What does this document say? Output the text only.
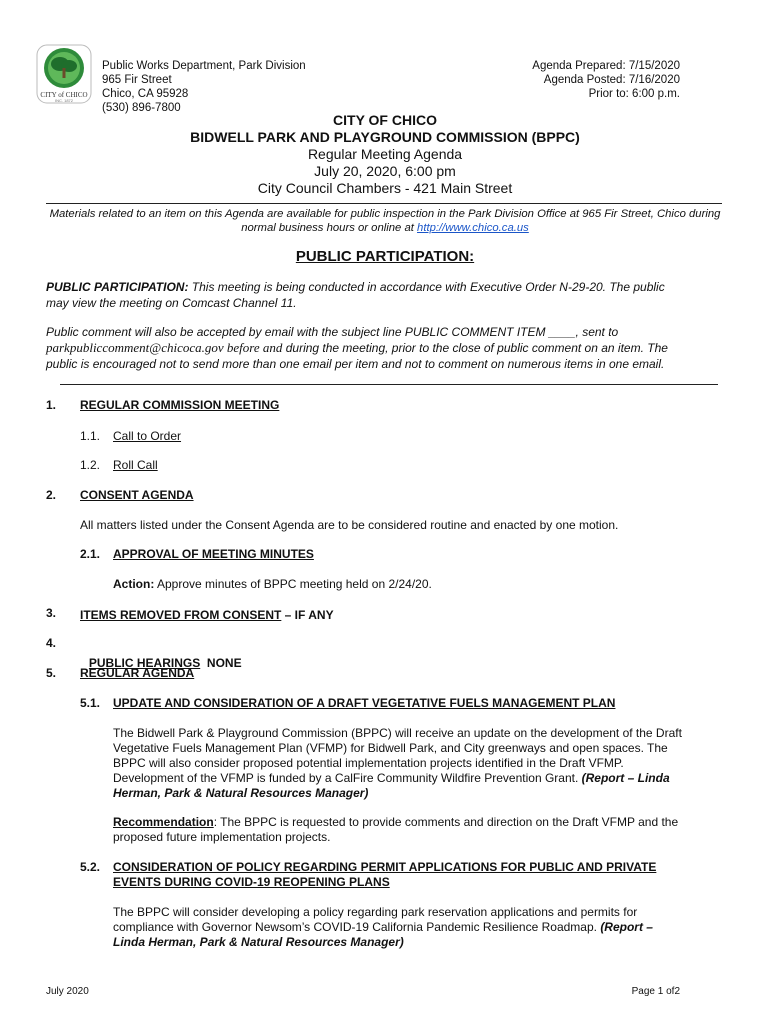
CITY of CHICO
INC. 1872
Public Works Department, Park Division
965 Fir Street
Chico, CA 95928
(530) 896-7800
Agenda Prepared: 7/15/2020
Agenda Posted: 7/16/2020
Prior to: 6:00 p.m.
CITY OF CHICO
BIDWELL PARK AND PLAYGROUND COMMISSION (BPPC)
Regular Meeting Agenda
July 20, 2020, 6:00 pm
City Council Chambers - 421 Main Street
Materials related to an item on this Agenda are available for public inspection in the Park Division Office at 965 Fir Street, Chico during
normal business hours or online at http://www.chico.ca.us
PUBLIC PARTICIPATION:
PUBLIC PARTICIPATION: This meeting is being conducted in accordance with Executive Order N-29-20. The public
may view the meeting on Comcast Channel 11.
Public comment will also be accepted by email with the subject line PUBLIC COMMENT ITEM ____, sent to
parkpubliccomment@chicoca.gov before and during the meeting, prior to the close of public comment on an item. The
public is encouraged not to send more than one email per item and not to comment on numerous items in one email.
1. REGULAR COMMISSION MEETING
1.1. Call to Order
1.2. Roll Call
2. CONSENT AGENDA
All matters listed under the Consent Agenda are to be considered routine and enacted by one motion.
2.1. APPROVAL OF MEETING MINUTES
Action: Approve minutes of BPPC meeting held on 2/24/20.
3. ITEMS REMOVED FROM CONSENT – IF ANY
4.

PUBLIC HEARINGS  NONE

5. REGULAR AGENDA
5.1. UPDATE AND CONSIDERATION OF A DRAFT VEGETATIVE FUELS MANAGEMENT PLAN
The Bidwell Park & Playground Commission (BPPC) will receive an update on the development of the Draft
Vegetative Fuels Management Plan (VFMP) for Bidwell Park, and City greenways and open spaces. The
BPPC will also consider proposed potential implementation projects identified in the Draft VFMP.
Development of the VFMP is funded by a CalFire Community Wildfire Prevention Grant. (Report – Linda
Herman, Park & Natural Resources Manager)
Recommendation: The BPPC is requested to provide comments and direction on the Draft VFMP and the
proposed future implementation projects.
5.2. CONSIDERATION OF POLICY REGARDING PERMIT APPLICATIONS FOR PUBLIC AND PRIVATE
EVENTS DURING COVID-19 REOPENING PLANS
The BPPC will consider developing a policy regarding park reservation applications and permits for
compliance with Governor Newsom’s COVID-19 California Pandemic Resilience Roadmap. (Report –
Linda Herman, Park & Natural Resources Manager)
July 2020	Page 1 of2
